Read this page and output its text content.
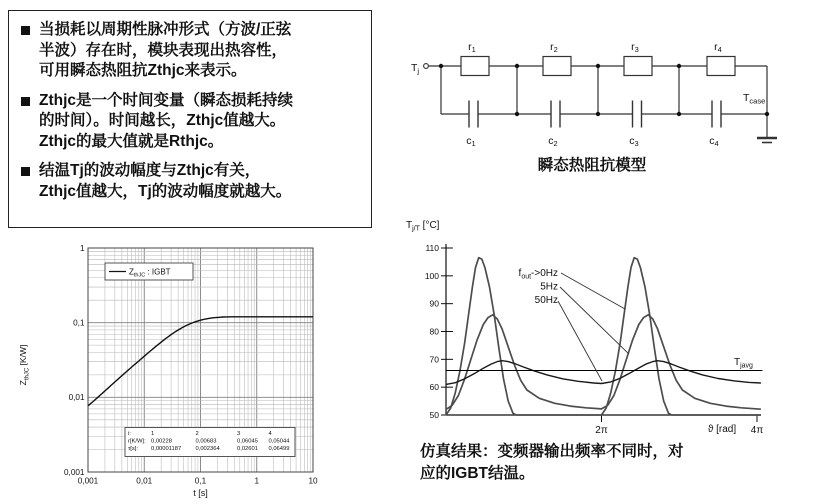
当损耗以周期性脉冲形式（方波/正弦
半波）存在时，模块表现出热容性，
可用瞬态热阻抗Zthjc来表示。
Zthjc是一个时间变量（瞬态损耗持续
的时间）。时间越长，Zthjc值越大。
Zthjc的最大值就是Rthjc。
结温Tj的波动幅度与Zthjc有关，
Zthjc值越大，Tj的波动幅度就越大。
$T_j$
$T_{case}$
r1	r2	r3	r4
c1	c2	c3	c4
瞬态热阻抗模型
0,001	0,01	0,1	1	10
1
0,1
0,01
0,001
t [s]
ZthJC [K/W]
ZthJC : IGBT
i:	1	2	3	4
r[K/W]: 0,00228	0,00683	0,06045 0,05044
τ[s]: 0,00001187 0,002364	0,02601 0,06499
50
60
70
80
90
100
110
2π	4π
ϑ [rad]
Tj/T [°C]
fout->0Hz
5Hz
50Hz
Tjavg
仿真结果：变频器输出频率不同时，对
应的IGBT结温。
